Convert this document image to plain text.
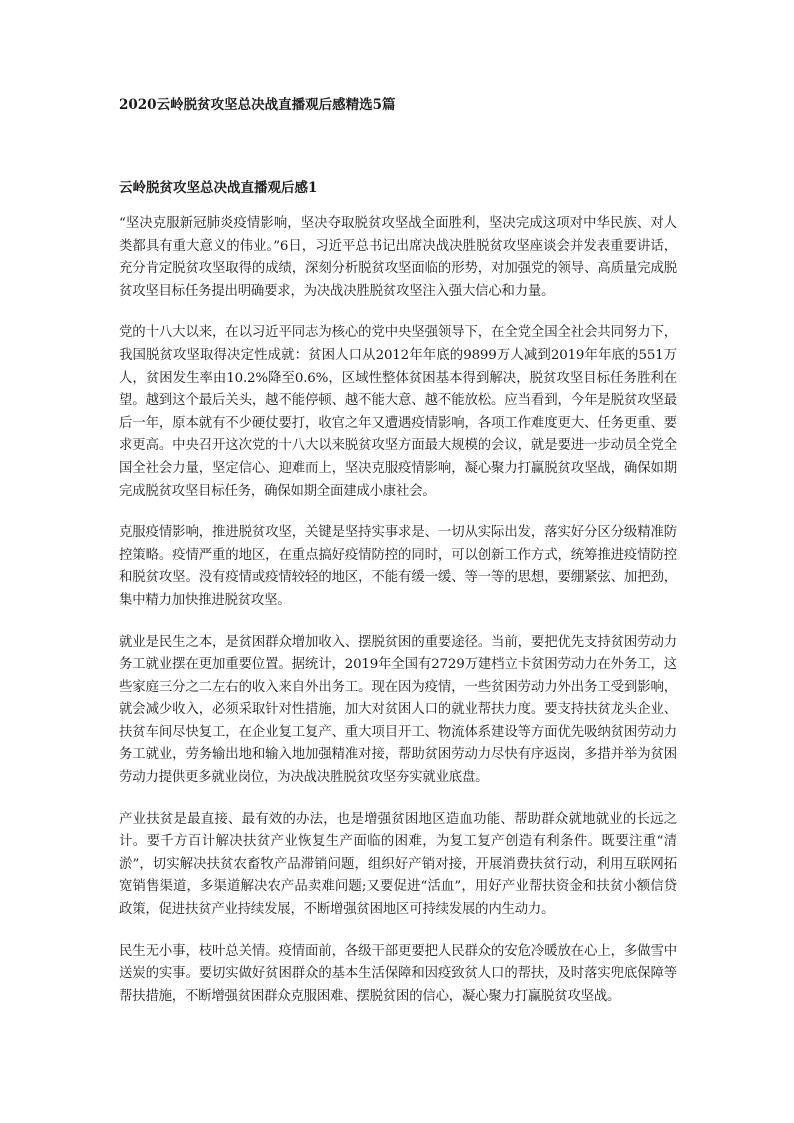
2020云岭脱贫攻坚总决战直播观后感精选5篇
云岭脱贫攻坚总决战直播观后感1

“坚决克服新冠肺炎疫情影响，坚决夺取脱贫攻坚战全面胜利，坚决完成这项对中华民族、对人类都具有重大意义的伟业。”6日，习近平总书记出席决战决胜脱贫攻坚座谈会并发表重要讲话，充分肯定脱贫攻坚取得的成绩，深刻分析脱贫攻坚面临的形势，对加强党的领导、高质量完成脱贫攻坚目标任务提出明确要求，为决战决胜脱贫攻坚注入强大信心和力量。

党的十八大以来，在以习近平同志为核心的党中央坚强领导下，在全党全国全社会共同努力下，我国脱贫攻坚取得决定性成就：贫困人口从2012年年底的9899万人减到2019年年底的551万人，贫困发生率由10.2%降至0.6%，区域性整体贫困基本得到解决，脱贫攻坚目标任务胜利在望。越到这个最后关头，越不能停顿、越不能大意、越不能放松。应当看到，今年是脱贫攻坚最后一年，原本就有不少硬仗要打，收官之年又遭遇疫情影响，各项工作难度更大、任务更重、要求更高。中央召开这次党的十八大以来脱贫攻坚方面最大规模的会议，就是要进一步动员全党全国全社会力量，坚定信心、迎难而上，坚决克服疫情影响，凝心聚力打赢脱贫攻坚战，确保如期完成脱贫攻坚目标任务，确保如期全面建成小康社会。

克服疫情影响，推进脱贫攻坚，关键是坚持实事求是、一切从实际出发，落实好分区分级精准防控策略。疫情严重的地区，在重点搞好疫情防控的同时，可以创新工作方式，统筹推进疫情防控和脱贫攻坚。没有疫情或疫情较轻的地区，不能有缓一缓、等一等的思想，要绷紧弦、加把劲，集中精力加快推进脱贫攻坚。

就业是民生之本，是贫困群众增加收入、摆脱贫困的重要途径。当前，要把优先支持贫困劳动力务工就业摆在更加重要位置。据统计，2019年全国有2729万建档立卡贫困劳动力在外务工，这些家庭三分之二左右的收入来自外出务工。现在因为疫情，一些贫困劳动力外出务工受到影响，就会减少收入，必须采取针对性措施，加大对贫困人口的就业帮扶力度。要支持扶贫龙头企业、扶贫车间尽快复工，在企业复工复产、重大项目开工、物流体系建设等方面优先吸纳贫困劳动力务工就业，劳务输出地和输入地加强精准对接，帮助贫困劳动力尽快有序返岗，多措并举为贫困劳动力提供更多就业岗位，为决战决胜脱贫攻坚夯实就业底盘。

产业扶贫是最直接、最有效的办法，也是增强贫困地区造血功能、帮助群众就地就业的长远之计。要千方百计解决扶贫产业恢复生产面临的困难，为复工复产创造有利条件。既要注重“清淤”，切实解决扶贫农畜牧产品滞销问题，组织好产销对接，开展消费扶贫行动，利用互联网拓宽销售渠道，多渠道解决农产品卖难问题;又要促进“活血”，用好产业帮扶资金和扶贫小额信贷政策，促进扶贫产业持续发展，不断增强贫困地区可持续发展的内生动力。

民生无小事，枝叶总关情。疫情面前，各级干部更要把人民群众的安危冷暖放在心上，多做雪中送炭的实事。要切实做好贫困群众的基本生活保障和因疫致贫人口的帮扶，及时落实兜底保障等帮扶措施，不断增强贫困群众克服困难、摆脱贫困的信心，凝心聚力打赢脱贫攻坚战。
